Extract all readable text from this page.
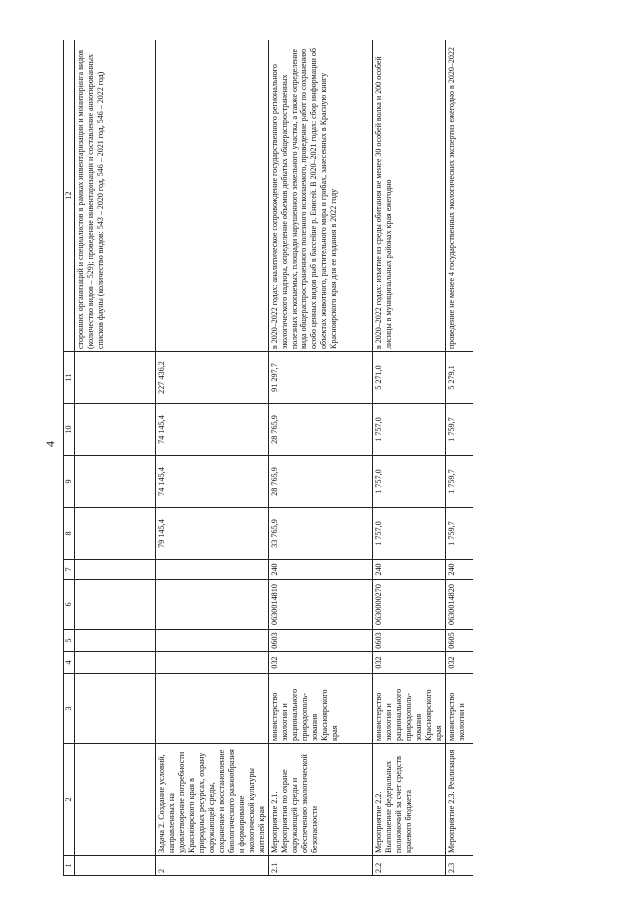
4
1	2	3	4	5	6	7	8	9	10	11	12
											сторонних организаций и специалистов в рамках инвентаризации и мониторинга видов (количество видов – 529); проведение инвентаризации и составление аннотированных списков фауны (количество видов: 543 – 2020 год, 546 – 2021 год, 546 – 2022 год)
2	Задача 2. Создание условий, направленных на удовлетворение потребности Красноярского края в природных ресурсах, охрану окружающей среды, сохранение и восстановление биологического разнообразия и формирование экологической культуры жителей края						79 145,4	74 145,4	74 145,4	227 436,2	
2.1	Мероприятие 2.1. Мероприятия по охране окружающей среды и обеспечению экологической безопасности	министерство экологии и рационального природополь-зования Красноярского края	032	0603	0630014810	240	33 765,9	28 765,9	28 765,9	91 297,7	в 2020–2022 годах: аналитическое сопровождение государственного регионального экологического надзора, определение объемов добытых общераспространенных полезных ископаемых, площади нарушенного земельного участка, а также определение вида общераспространенного полезного ископаемого, проведение работ по сохранению особо ценных видов рыб в бассейне р. Енисей. В 2020–2021 годах: сбор информации об объектах животного, растительного мира и грибах, занесенных в Красную книгу Красноярского края для ее издания в 2022 году
2.2	Мероприятие 2.2. Выполнение федеральных полномочий за счет средств краевого бюджета	министерство экологии и рационального природополь-зования Красноярского края	032	0603	0630000270	240	1 757,0	1 757,0	1 757,0	5 271,0	в 2020–2022 годах: изъятие из среды обитания не менее 30 особей волка и 200 особей лисицы в муниципальных районах края ежегодно
2.3	Мероприятие 2.3. Реализация	министерство экологии и	032	0605	0630014820	240	1 759,7	1 759,7	1 759,7	5 279,1	проведение не менее 4 государственных экологических экспертиз ежегодно в 2020–2022
